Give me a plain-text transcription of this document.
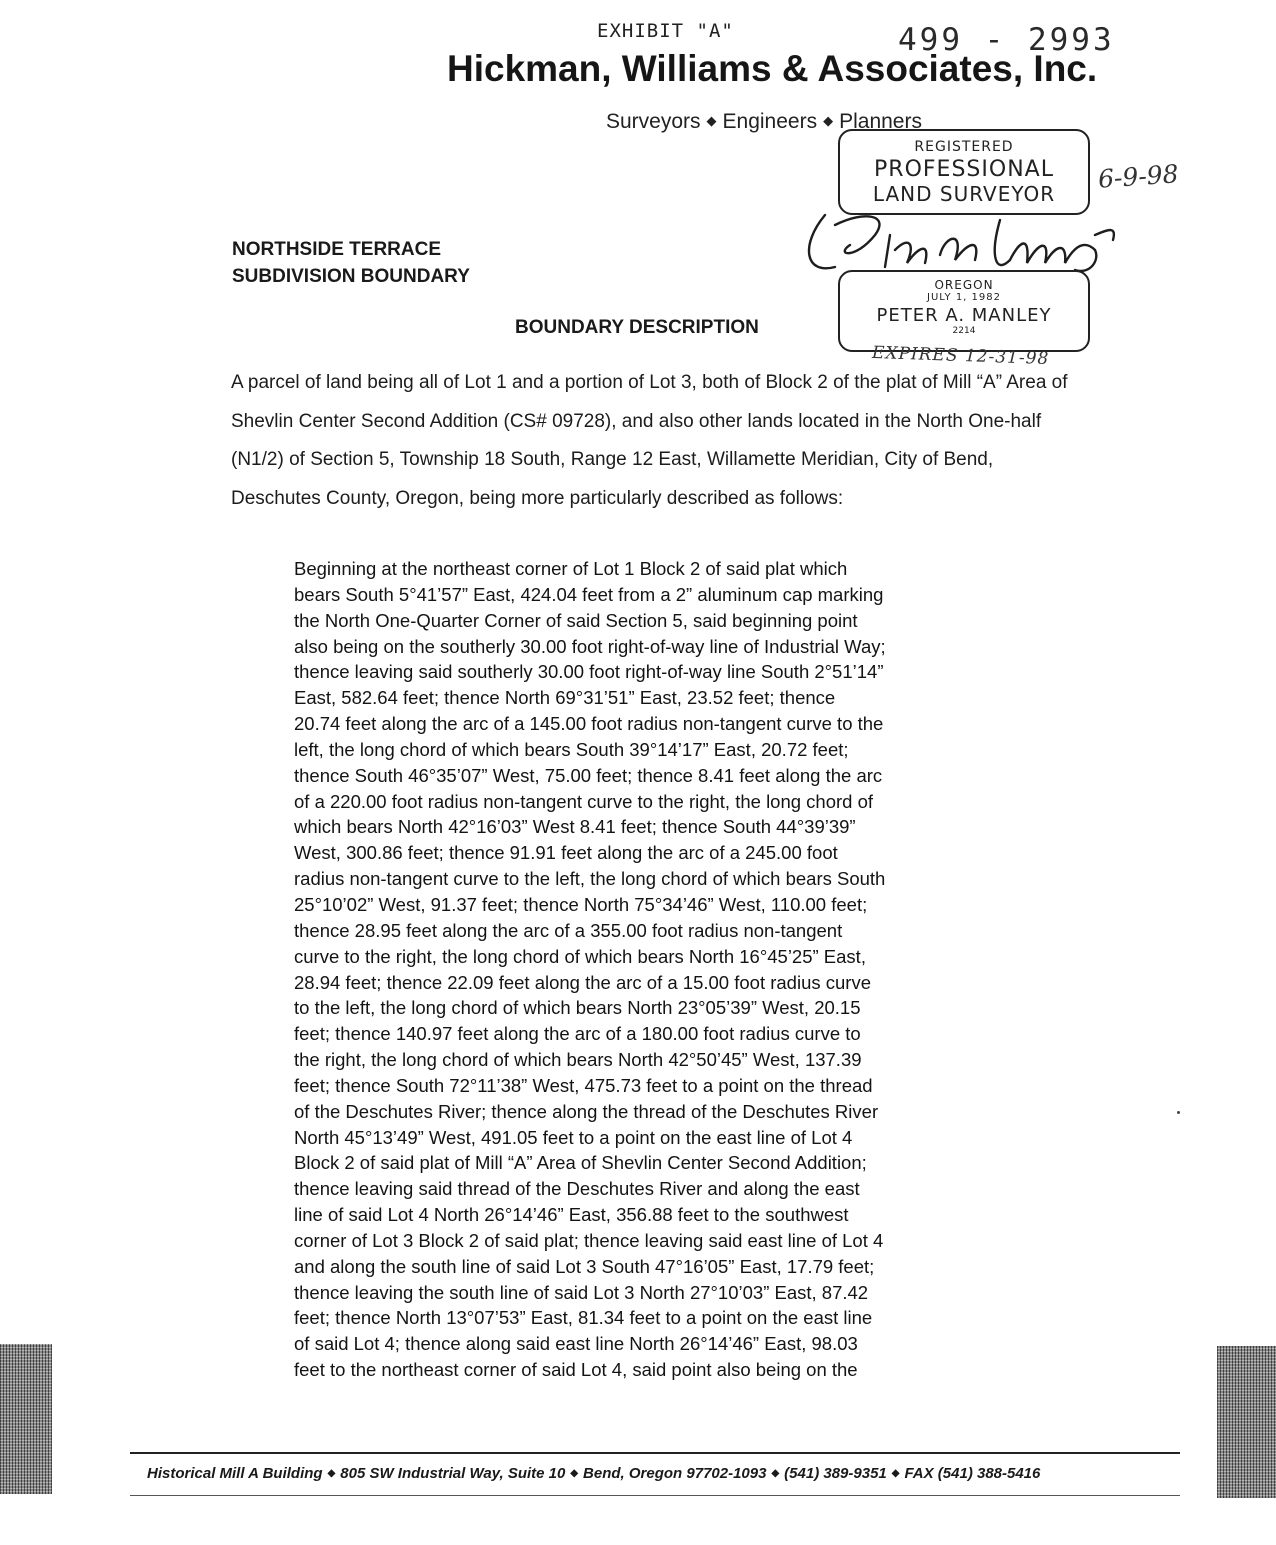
EXHIBIT "A"	499 - 2993
Hickman, Williams & Associates, Inc.
Surveyors ◆ Engineers ◆ Planners
REGISTERED
PROFESSIONAL
LAND SURVEYOR
OREGON
JULY 1, 1982
PETER A. MANLEY
2214
6-9-98
EXPIRES 12-31-98
NORTHSIDE TERRACE
SUBDIVISION BOUNDARY
BOUNDARY DESCRIPTION
A parcel of land being all of Lot 1 and a portion of Lot 3, both of Block 2 of the plat of Mill “A” Area of Shevlin Center Second Addition (CS# 09728), and also other lands located in the North One-half (N1/2) of Section 5, Township 18 South, Range 12 East, Willamette Meridian, City of Bend, Deschutes County, Oregon, being more particularly described as follows:
Beginning at the northeast corner of Lot 1 Block 2 of said plat which
bears South 5°41’57” East, 424.04 feet from a 2” aluminum cap marking
the North One-Quarter Corner of said Section 5, said beginning point
also being on the southerly 30.00 foot right-of-way line of Industrial Way;
thence leaving said southerly 30.00 foot right-of-way line South 2°51’14”
East, 582.64 feet; thence North 69°31’51” East, 23.52 feet; thence
20.74 feet along the arc of a 145.00 foot radius non-tangent curve to the
left, the long chord of which bears South 39°14’17” East, 20.72 feet;
thence South 46°35’07” West, 75.00 feet; thence 8.41 feet along the arc
of a 220.00 foot radius non-tangent curve to the right, the long chord of
which bears North 42°16’03” West 8.41 feet; thence South 44°39’39”
West, 300.86 feet; thence 91.91 feet along the arc of a 245.00 foot
radius non-tangent curve to the left, the long chord of which bears South
25°10’02” West, 91.37 feet; thence North 75°34’46” West, 110.00 feet;
thence 28.95 feet along the arc of a 355.00 foot radius non-tangent
curve to the right, the long chord of which bears North 16°45’25” East,
28.94 feet; thence 22.09 feet along the arc of a 15.00 foot radius curve
to the left, the long chord of which bears North 23°05’39” West, 20.15
feet; thence 140.97 feet along the arc of a 180.00 foot radius curve to
the right, the long chord of which bears North 42°50’45” West, 137.39
feet; thence South 72°11’38” West, 475.73 feet to a point on the thread
of the Deschutes River; thence along the thread of the Deschutes River
North 45°13’49” West, 491.05 feet to a point on the east line of Lot 4
Block 2 of said plat of Mill “A” Area of Shevlin Center Second Addition;
thence leaving said thread of the Deschutes River and along the east
line of said Lot 4 North 26°14’46” East, 356.88 feet to the southwest
corner of Lot 3 Block 2 of said plat; thence leaving said east line of Lot 4
and along the south line of said Lot 3 South 47°16’05” East, 17.79 feet;
thence leaving the south line of said Lot 3 North 27°10’03” East, 87.42
feet; thence North 13°07’53” East, 81.34 feet to a point on the east line
of said Lot 4; thence along said east line North 26°14’46” East, 98.03
feet to the northeast corner of said Lot 4, said point also being on the
Historical Mill A Building ◆ 805 SW Industrial Way, Suite 10 ◆ Bend, Oregon 97702-1093 ◆ (541) 389-9351 ◆ FAX (541) 388-5416
